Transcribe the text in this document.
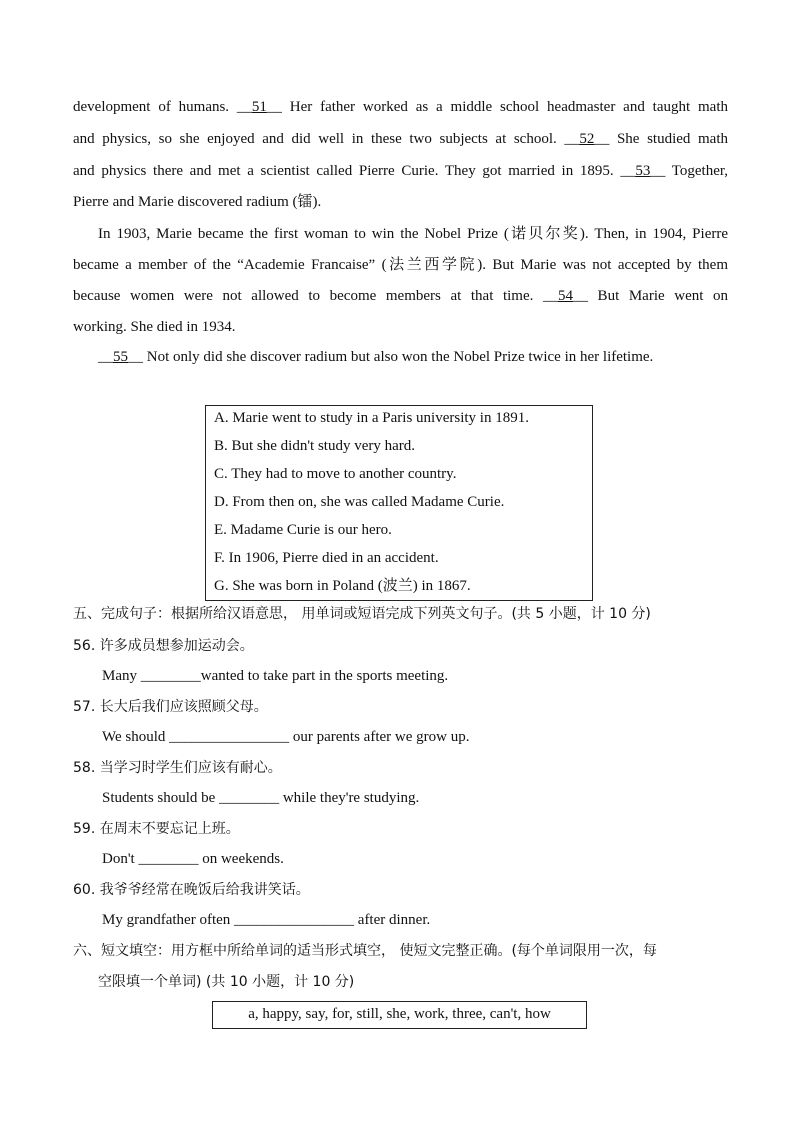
development of humans. __51__ Her father worked as a middle school headmaster and taught math
and physics, so she enjoyed and did well in these two subjects at school. __52__ She studied math
and physics there and met a scientist called Pierre Curie. They got married in 1895. __53__ Together,
Pierre and Marie discovered radium (镭).
In 1903, Marie became the first woman to win the Nobel Prize (诺贝尔奖). Then, in 1904, Pierre
became a member of the “Academie Francaise” (法兰西学院). But Marie was not accepted by them
because women were not allowed to become members at that time. __54__ But Marie went on
working. She died in 1934.
__55__ Not only did she discover radium but also won the Nobel Prize twice in her lifetime.
A. Marie went to study in a Paris university in 1891.
B. But she didn't study very hard.
C. They had to move to another country.
D. From then on, she was called Madame Curie.
E. Madame Curie is our hero.
F. In 1906, Pierre died in an accident.
G. She was born in Poland (波兰) in 1867.
五、完成句子：根据所给汉语意思， 用单词或短语完成下列英文句子。(共 5 小题，计 10 分)
56. 许多成员想参加运动会。
Many ________wanted to take part in the sports meeting.
57. 长大后我们应该照顾父母。
We should ________________ our parents after we grow up.
58. 当学习时学生们应该有耐心。
Students should be ________ while they're studying.
59. 在周末不要忘记上班。
Don't ________ on weekends.
60. 我爷爷经常在晚饭后给我讲笑话。
My grandfather often ________________ after dinner.
六、短文填空：用方框中所给单词的适当形式填空， 使短文完整正确。(每个单词限用一次，每
空限填一个单词) (共 10 小题，计 10 分)
a, happy, say, for, still, she, work, three, can't, how
